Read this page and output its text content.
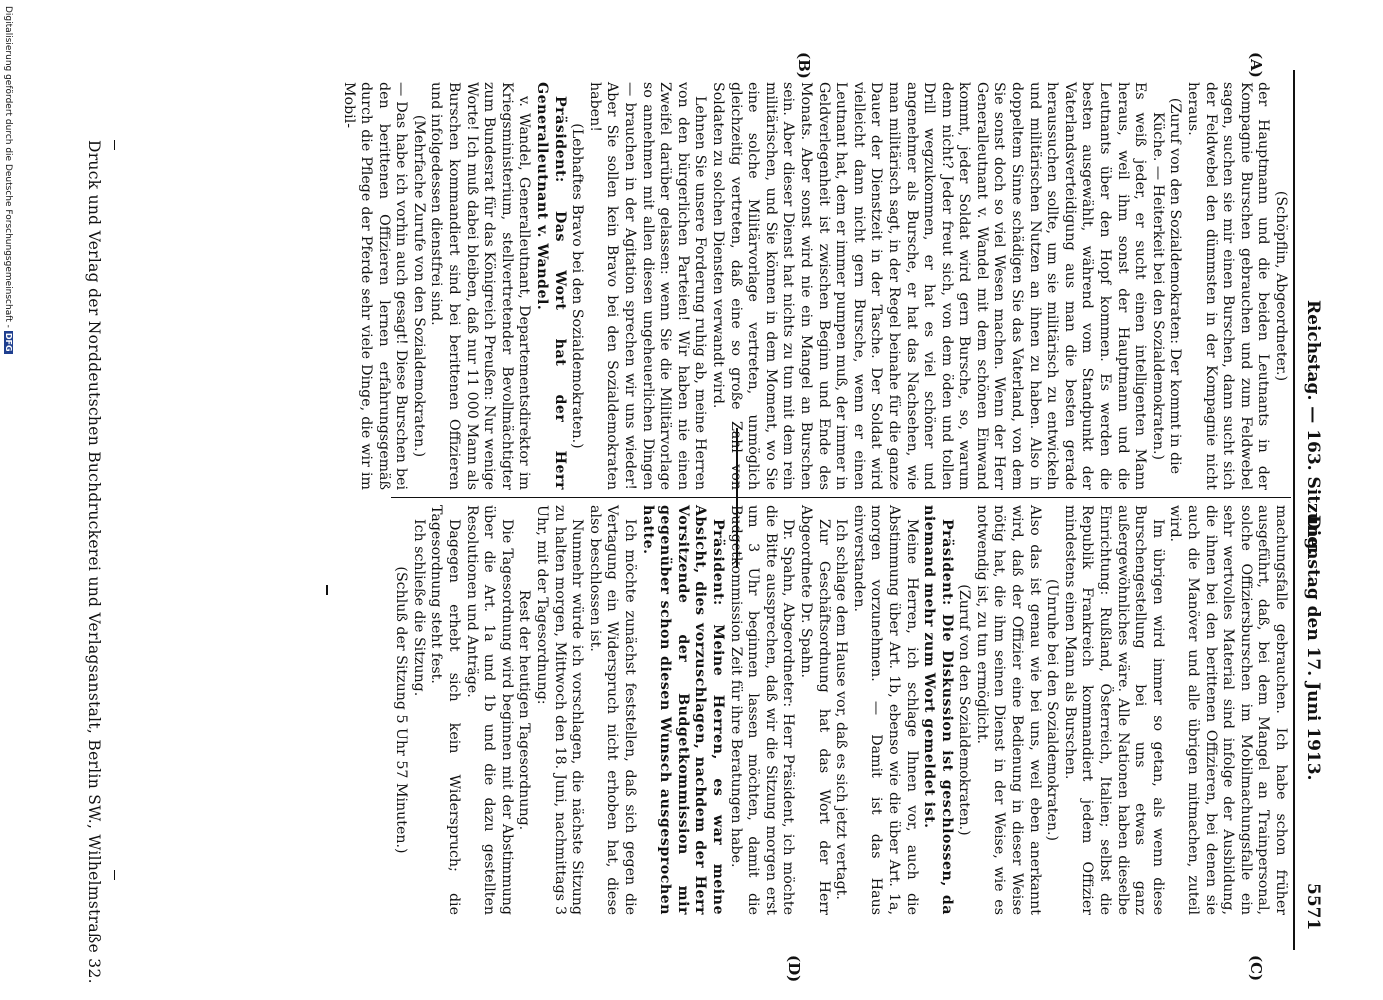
Reichstag. — 163. Sitzung.
Dienstag den 17. Juni 1913.
5571
(A)
(B)
(C)
(D)

(Schöpflin, Abgeordneter.)

der Hauptmann und die beiden Leutnants in der Kompagnie Burschen gebrauchen und zum Feldwebel sagen, suchen sie mir einen Burschen, dann sucht sich der Feldwebel den dümmsten in der Kompagnie nicht heraus.

(Zuruf von den Sozialdemokraten: Der kommt in die Küche. — Heiterkeit bei den Sozialdemokraten.)

Es weiß jeder, er sucht einen intelligenten Mann heraus, weil ihm sonst der Hauptmann und die Leutnants über den Hopf kommen. Es werden die besten ausgewählt, während vom Standpunkt der Vaterlandsverteidigung aus man die besten gerade heraussuchen sollte, um sie militärisch zu entwickeln und militärischen Nutzen an ihnen zu haben. Also in doppeltem Sinne schädigen Sie das Vaterland, von dem Sie sonst doch so viel Wesen machen. Wenn der Herr Generalleutnant v. Wandel mit dem schönen Einwand kommt, jeder Soldat wird gern Bursche, so, warum denn nicht? Jeder freut sich, von dem öden und tollen Drill wegzukommen, er hat es viel schöner und angenehmer als Bursche, er hat das Nachsehen, wie man militärisch sagt, in der Regel beinahe für die ganze Dauer der Dienstzeit in der Tasche. Der Soldat wird vielleicht dann nicht gern Bursche, wenn er einen Leutnant hat, dem er immer pumpen muß, der immer in Geldverlegenheit ist zwischen Beginn und Ende des Monats. Aber sonst wird nie ein Mangel an Burschen sein. Aber dieser Dienst hat nichts zu tun mit dem rein militärischen, und Sie können in dem Moment, wo Sie eine solche Militärvorlage vertreten, unmöglich gleichzeitig vertreten, daß eine so große Zahl von Soldaten zu solchen Diensten verwandt wird.

Lehnen Sie unsere Forderung ruhig ab, meine Herren von den bürgerlichen Parteien! Wir haben nie einen Zweifel darüber gelassen: wenn Sie die Militärvorlage so annehmen mit allen diesen ungeheuerlichen Dingen — brauchen in der Agitation sprechen wir uns wieder! Aber Sie sollen kein Bravo bei den Sozialdemokraten haben!

(Lebhaftes Bravo bei den Sozialdemokraten.)

Präsident: Das Wort hat der Herr Generalleutnant v. Wandel.

v. Wandel, Generalleutnant, Departementsdirektor im Kriegsministerium, stellvertretender Bevollmächtigter zum Bundesrat für das Königreich Preußen: Nur wenige Worte! Ich muß dabei bleiben, daß nur 11 000 Mann als Burschen kommandiert sind bei berittenen Offizieren und infolgedessen dienstfrei sind.

(Mehrfache Zurufe von den Sozialdemokraten.)

— Das habe ich vorhin auch gesagt! Diese Burschen bei den berittenen Offizieren lernen erfahrungsgemäß durch die Pflege der Pferde sehr viele Dinge, die wir im Mobil-

machungsfalle gebrauchen. Ich habe schon früher ausgeführt, daß, bei dem Mangel an Trainpersonal, solche Offiziersburschen im Mobilmachungsfalle ein sehr wertvolles Material sind infolge der Ausbildung, die ihnen bei den berittenen Offizieren, bei denen sie auch die Manöver und alle übrigen mitmachen, zuteil wird.

Im übrigen wird immer so getan, als wenn diese Burschengestellung bei uns etwas ganz außergewöhnliches wäre. Alle Nationen haben dieselbe Einrichtung: Rußland, Österreich, Italien; selbst die Republik Frankreich kommandiert jedem Offizier mindestens einen Mann als Burschen.

(Unruhe bei den Sozialdemokraten.)

Also das ist genau wie bei uns, weil eben anerkannt wird, daß der Offizier eine Bedienung in dieser Weise nötig hat, die ihm seinen Dienst in der Weise, wie es notwendig ist, zu tun ermöglicht.

(Zuruf von den Sozialdemokraten.)

Präsident: Die Diskussion ist geschlossen, da niemand mehr zum Wort gemeldet ist.

Meine Herren, ich schlage Ihnen vor, auch die Abstimmung über Art. 1b, ebenso wie die über Art. 1a, morgen vorzunehmen. — Damit ist das Haus einverstanden.

Ich schlage dem Hause vor, daß es sich jetzt vertagt.

Zur Geschäftsordnung hat das Wort der Herr Abgeordnete Dr. Spahn.

Dr. Spahn, Abgeordneter: Herr Präsident, ich möchte die Bitte aussprechen, daß wir die Sitzung morgen erst um 3 Uhr beginnen lassen möchten, damit die Budgetkommission Zeit für ihre Beratungen habe.

Präsident: Meine Herren, es war meine Absicht, dies vorzuschlagen, nachdem der Herr Vorsitzende der Budgetkommission mir gegenüber schon diesen Wunsch ausgesprochen hatte.

Ich möchte zunächst feststellen, daß sich gegen die Vertagung ein Widerspruch nicht erhoben hat, diese also beschlossen ist.

Nunmehr würde ich vorschlagen, die nächste Sitzung zu halten morgen, Mittwoch den 18. Juni, nachmittags 3 Uhr, mit der Tagesordnung:

Rest der heutigen Tagesordnung.

Die Tagesordnung wird beginnen mit der Abstimmung über die Art. 1a und 1b und die dazu gestellten Resolutionen und Anträge.

Dagegen erhebt sich kein Widerspruch; die Tagesordnung steht fest.

Ich schließe die Sitzung.

(Schluß der Sitzung 5 Uhr 57 Minuten.)

Druck und Verlag der Norddeutschen Buchdruckerei und Verlagsanstalt, Berlin SW., Wilhelmstraße 32.
Digitalisierung gefördert durch die Deutsche Forschungsgemeinschaft -DFG
